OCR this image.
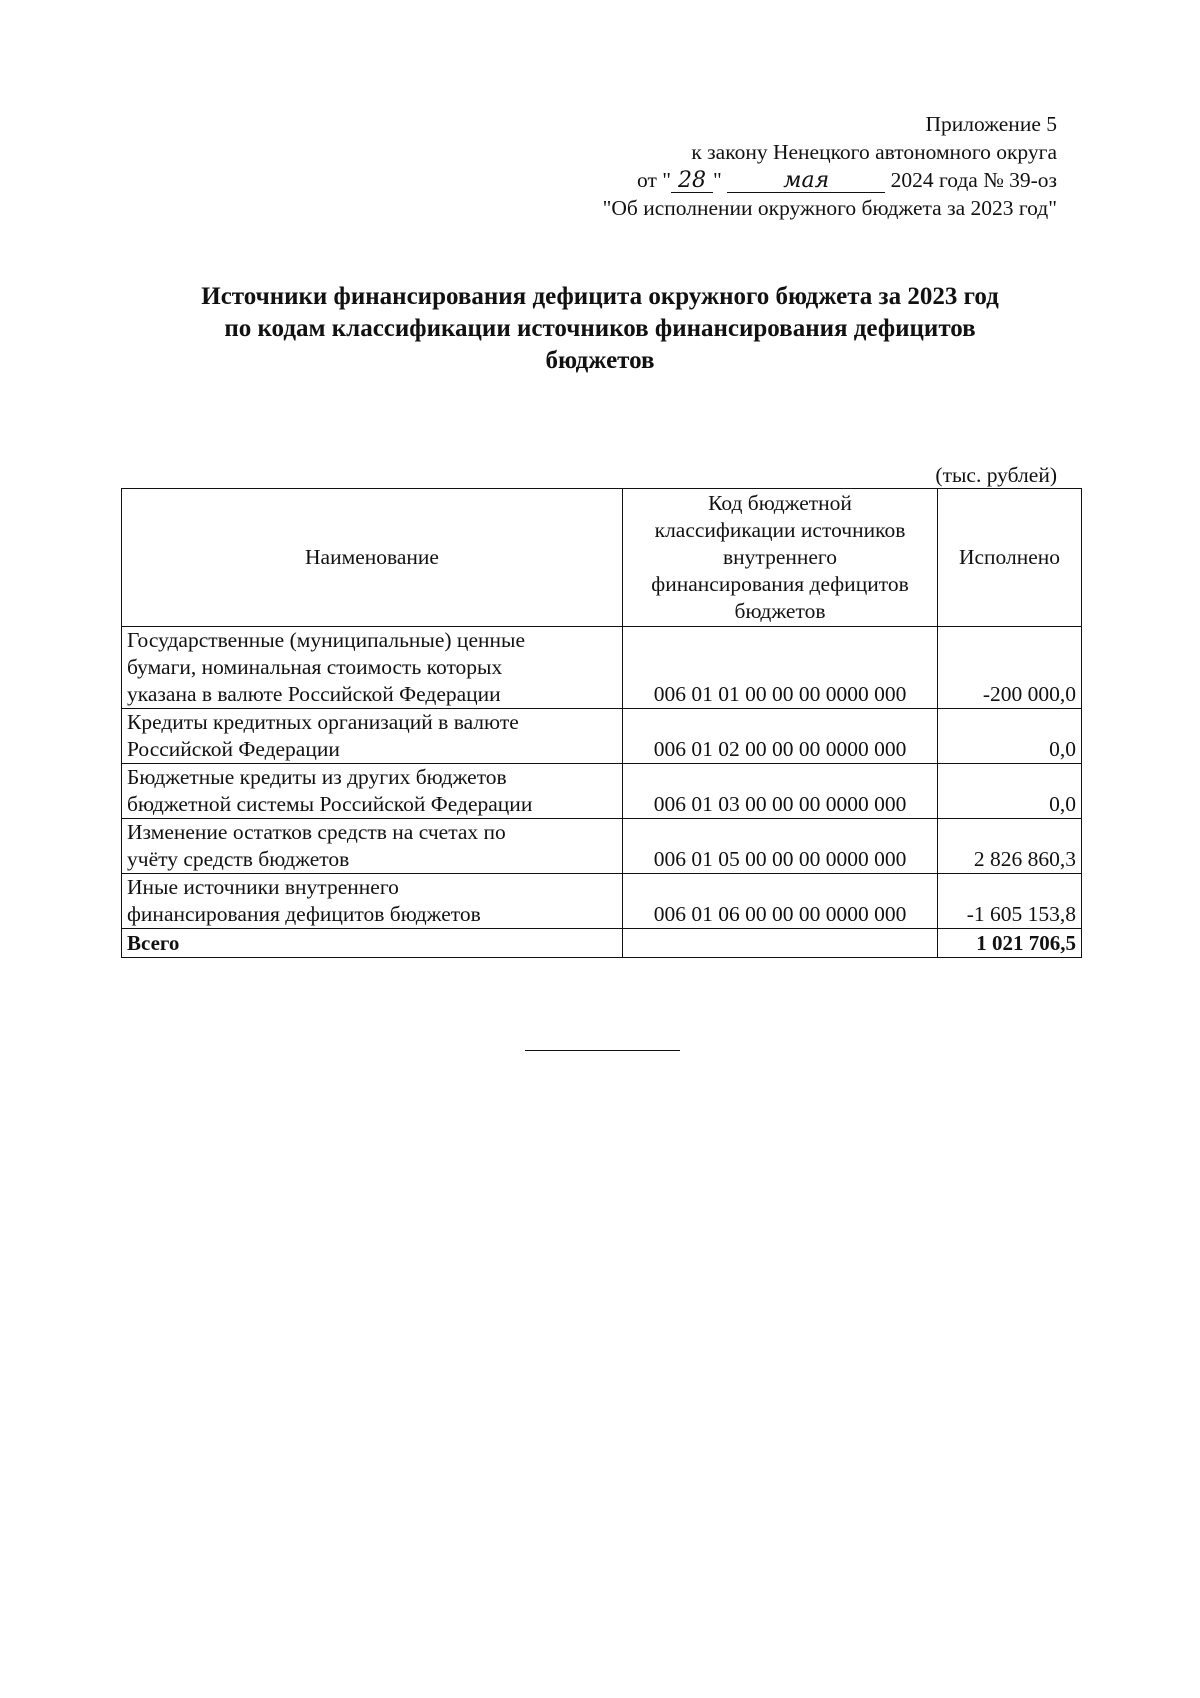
Приложение 5
к закону Ненецкого автономного округа
от " 28 "	мая	2024 года № 39-оз
"Об исполнении окружного бюджета за 2023 год"
Источники финансирования дефицита окружного бюджета за 2023 год
по кодам классификации источников финансирования дефицитов
бюджетов
(тыс. рублей)
Наименование	Код бюджетной
классификации источников
внутреннего
финансирования дефицитов
бюджетов	Исполнено

Государственные (муниципальные) ценные
бумаги, номинальная стоимость которых
указана в валюте Российской Федерации	006 01 01 00 00 00 0000 000	-200 000,0

Кредиты кредитных организаций в валюте
Российской Федерации	006 01 02 00 00 00 0000 000	0,0

Бюджетные кредиты из других бюджетов
бюджетной системы Российской Федерации	006 01 03 00 00 00 0000 000	0,0

Изменение остатков средств на счетах по
учёту средств бюджетов	006 01 05 00 00 00 0000 000	2 826 860,3

Иные источники внутреннего
финансирования дефицитов бюджетов	006 01 06 00 00 00 0000 000	-1 605 153,8
Всего		1 021 706,5
